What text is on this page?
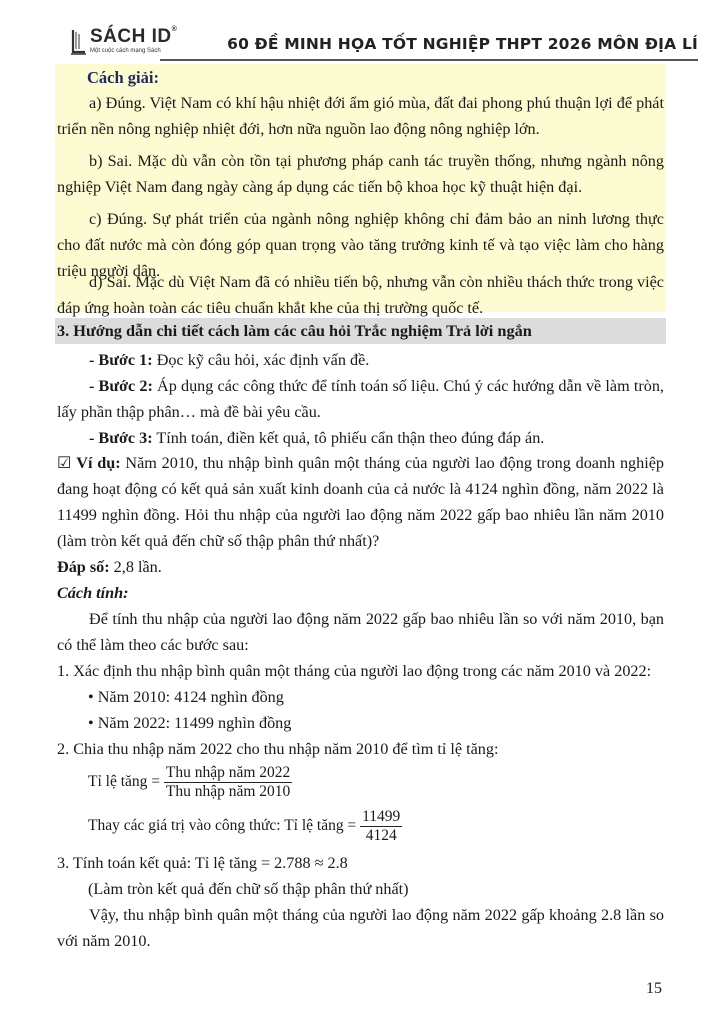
SÁCH ID®
Một cuộc cách mạng Sách	60 ĐỀ MINH HỌA TỐT NGHIỆP THPT 2026 MÔN ĐỊA LÍ
Cách giải:

a) Đúng. Việt Nam có khí hậu nhiệt đới ẩm gió mùa, đất đai phong phú thuận lợi để phát triển nền nông nghiệp nhiệt đới, hơn nữa nguồn lao động nông nghiệp lớn.

b) Sai. Mặc dù vẫn còn tồn tại phương pháp canh tác truyền thống, nhưng ngành nông nghiệp Việt Nam đang ngày càng áp dụng các tiến bộ khoa học kỹ thuật hiện đại.

c) Đúng. Sự phát triển của ngành nông nghiệp không chỉ đảm bảo an ninh lương thực cho đất nước mà còn đóng góp quan trọng vào tăng trưởng kinh tế và tạo việc làm cho hàng triệu người dân.

d) Sai. Mặc dù Việt Nam đã có nhiều tiến bộ, nhưng vẫn còn nhiều thách thức trong việc đáp ứng hoàn toàn các tiêu chuẩn khắt khe của thị trường quốc tế.

3. Hướng dẫn chi tiết cách làm các câu hỏi Trắc nghiệm Trả lời ngắn

- Bước 1: Đọc kỹ câu hỏi, xác định vấn đề.

- Bước 2: Áp dụng các công thức để tính toán số liệu. Chú ý các hướng dẫn về làm tròn, lấy phần thập phân… mà đề bài yêu cầu.

- Bước 3: Tính toán, điền kết quả, tô phiếu cẩn thận theo đúng đáp án.

☑ Ví dụ: Năm 2010, thu nhập bình quân một tháng của người lao động trong doanh nghiệp đang hoạt động có kết quả sản xuất kinh doanh của cả nước là 4124 nghìn đồng, năm 2022 là 11499 nghìn đồng. Hỏi thu nhập của người lao động năm 2022 gấp bao nhiêu lần năm 2010 (làm tròn kết quả đến chữ số thập phân thứ nhất)?

Đáp số: 2,8 lần.

Cách tính:

Để tính thu nhập của người lao động năm 2022 gấp bao nhiêu lần so với năm 2010, bạn có thể làm theo các bước sau:

1. Xác định thu nhập bình quân một tháng của người lao động trong các năm 2010 và 2022:

• Năm 2010: 4124 nghìn đồng

• Năm 2022: 11499 nghìn đồng

2. Chia thu nhập năm 2022 cho thu nhập năm 2010 để tìm tỉ lệ tăng:

Tỉ lệ tăng = $\frac{\text{Thu nhập năm 2022}}{\text{Thu nhập năm 2010}}$
Thay các giá trị vào công thức: Tỉ lệ tăng = $\frac{11499}{4124}$

3. Tính toán kết quả: Tỉ lệ tăng = 2.788 ≈ 2.8

(Làm tròn kết quả đến chữ số thập phân thứ nhất)

Vậy, thu nhập bình quân một tháng của người lao động năm 2022 gấp khoảng 2.8 lần so với năm 2010.

15
